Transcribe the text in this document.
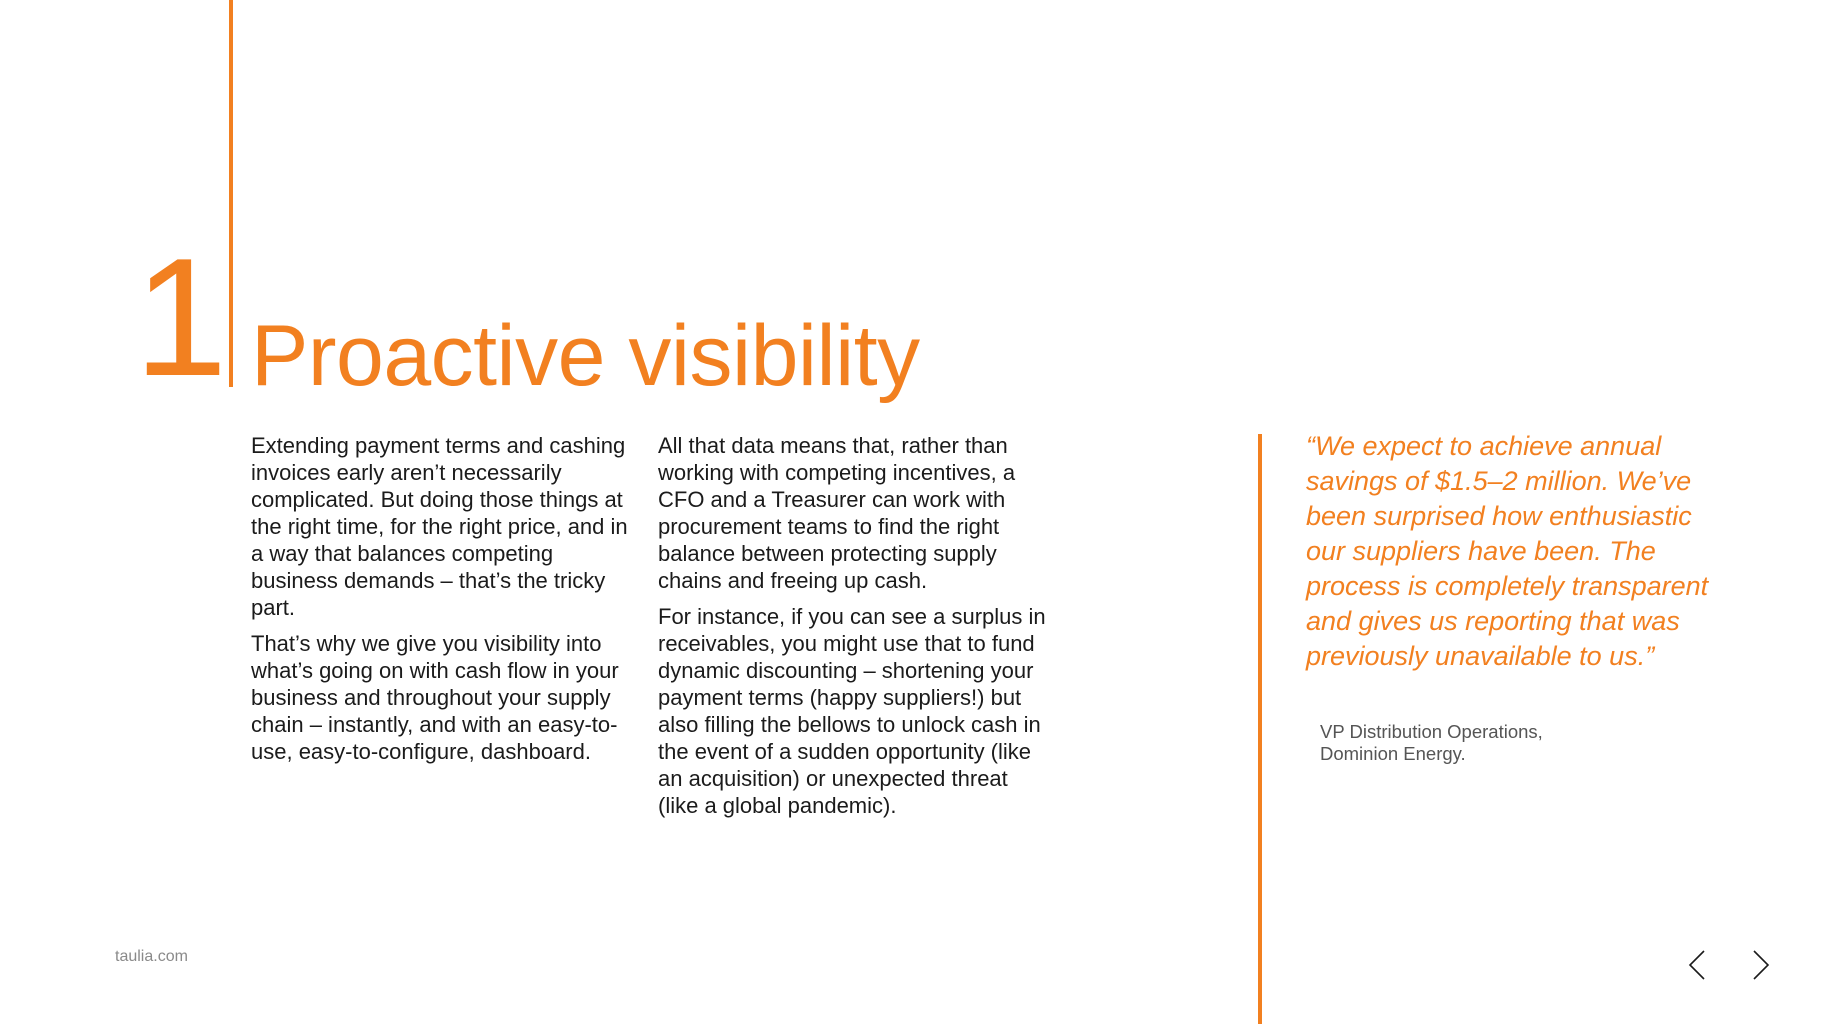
1 Proactive visibility

Extending payment terms and cashing invoices early aren’t necessarily complicated. But doing those things at the right time, for the right price, and in a way that balances competing business demands – that’s the tricky part.

That’s why we give you visibility into what’s going on with cash flow in your business and throughout your supply chain – instantly, and with an easy-to-use, easy-to-configure, dashboard.

All that data means that, rather than working with competing incentives, a CFO and a Treasurer can work with procurement teams to find the right balance between protecting supply chains and freeing up cash.

For instance, if you can see a surplus in receivables, you might use that to fund dynamic discounting – shortening your payment terms (happy suppliers!) but also filling the bellows to unlock cash in the event of a sudden opportunity (like an acquisition) or unexpected threat (like a global pandemic).

“We expect to achieve annual savings of $1.5–2 million. We’ve been surprised how enthusiastic our suppliers have been. The process is completely transparent and gives us reporting that was previously unavailable to us.”
VP Distribution Operations,
Dominion Energy.
taulia.com
